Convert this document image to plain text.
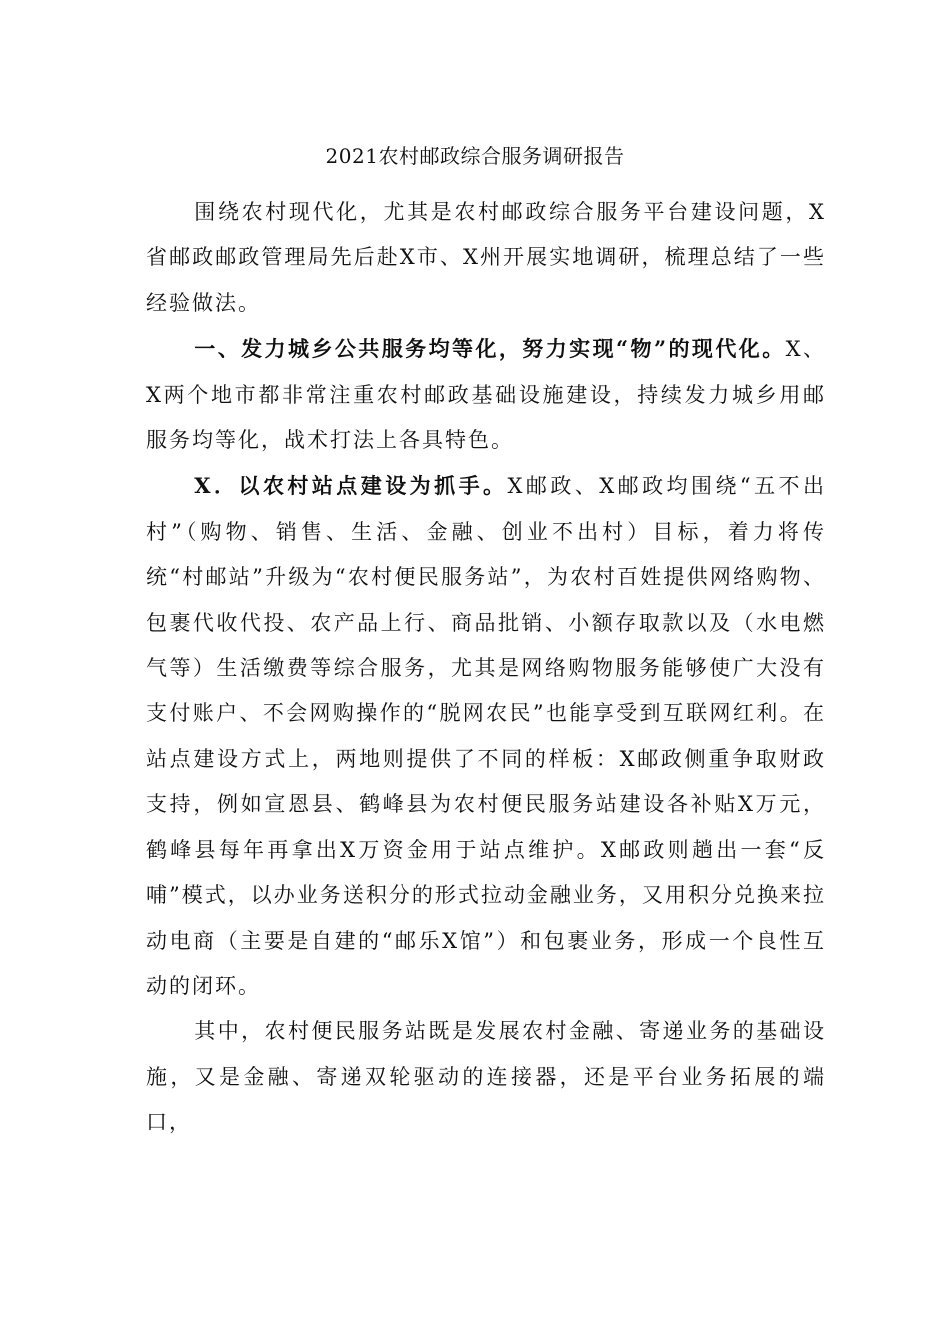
2021农村邮政综合服务调研报告

围绕农村现代化，尤其是农村邮政综合服务平台建设问题，X省邮政邮政管理局先后赴X市、X州开展实地调研，梳理总结了一些经验做法。

一、发力城乡公共服务均等化，努力实现“物”的现代化。X、X两个地市都非常注重农村邮政基础设施建设，持续发力城乡用邮服务均等化，战术打法上各具特色。

X．以农村站点建设为抓手。X邮政、X邮政均围绕“五不出村”（购物、销售、生活、金融、创业不出村）目标，着力将传统“村邮站”升级为“农村便民服务站”，为农村百姓提供网络购物、包裹代收代投、农产品上行、商品批销、小额存取款以及（水电燃气等）生活缴费等综合服务，尤其是网络购物服务能够使广大没有支付账户、不会网购操作的“脱网农民”也能享受到互联网红利。在站点建设方式上，两地则提供了不同的样板：X邮政侧重争取财政支持，例如宣恩县、鹤峰县为农村便民服务站建设各补贴X万元，鹤峰县每年再拿出X万资金用于站点维护。X邮政则趟出一套“反哺”模式，以办业务送积分的形式拉动金融业务，又用积分兑换来拉动电商（主要是自建的“邮乐X馆”）和包裹业务，形成一个良性互动的闭环。

其中，农村便民服务站既是发展农村金融、寄递业务的基础设施，又是金融、寄递双轮驱动的连接器，还是平台业务拓展的端口，
